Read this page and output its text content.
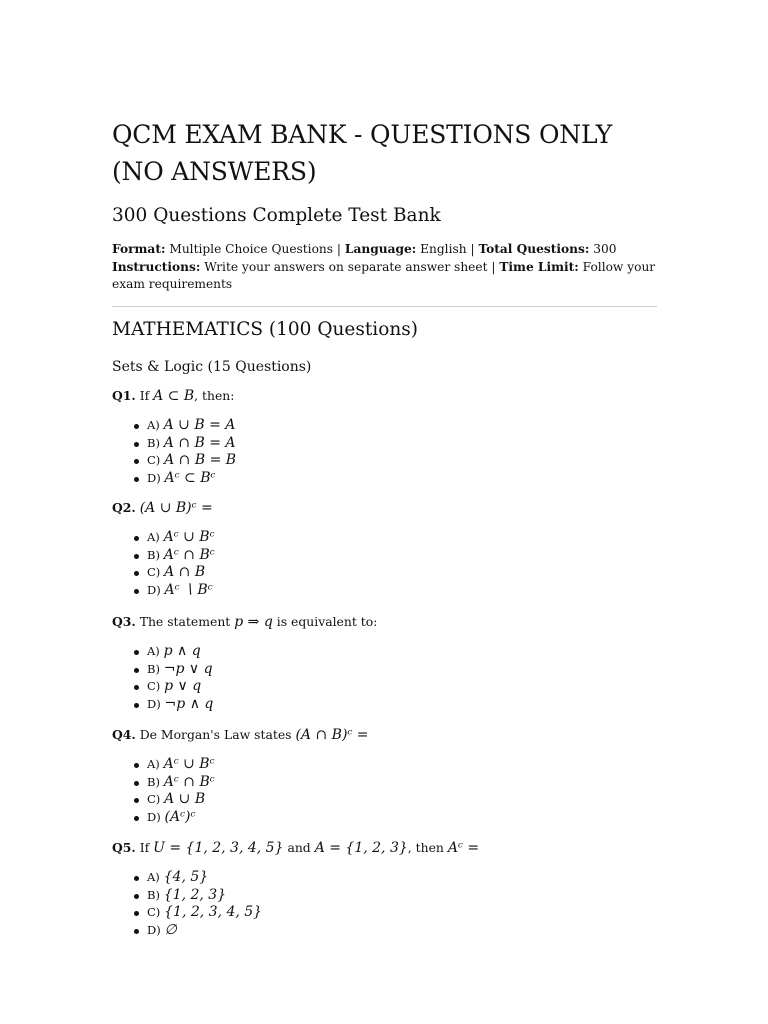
QCM EXAM BANK - QUESTIONS ONLY (NO ANSWERS)
300 Questions Complete Test Bank
Format: Multiple Choice Questions | Language: English | Total Questions: 300
Instructions: Write your answers on separate answer sheet | Time Limit: Follow your exam requirements
MATHEMATICS (100 Questions)
Sets & Logic (15 Questions)
Q1. If A ⊂ B, then:
A) A ∪ B = A
B) A ∩ B = A
C) A ∩ B = B
D) Aᶜ ⊂ Bᶜ
Q2. (A ∪ B)ᶜ =
A) Aᶜ ∪ Bᶜ
B) Aᶜ ∩ Bᶜ
C) A ∩ B
D) Aᶜ ∖ Bᶜ
Q3. The statement p ⇒ q is equivalent to:
A) p ∧ q
B) ¬p ∨ q
C) p ∨ q
D) ¬p ∧ q
Q4. De Morgan's Law states (A ∩ B)ᶜ =
A) Aᶜ ∪ Bᶜ
B) Aᶜ ∩ Bᶜ
C) A ∪ B
D) (Aᶜ)ᶜ
Q5. If U = {1, 2, 3, 4, 5} and A = {1, 2, 3}, then Aᶜ =
A) {4, 5}
B) {1, 2, 3}
C) {1, 2, 3, 4, 5}
D) ∅
